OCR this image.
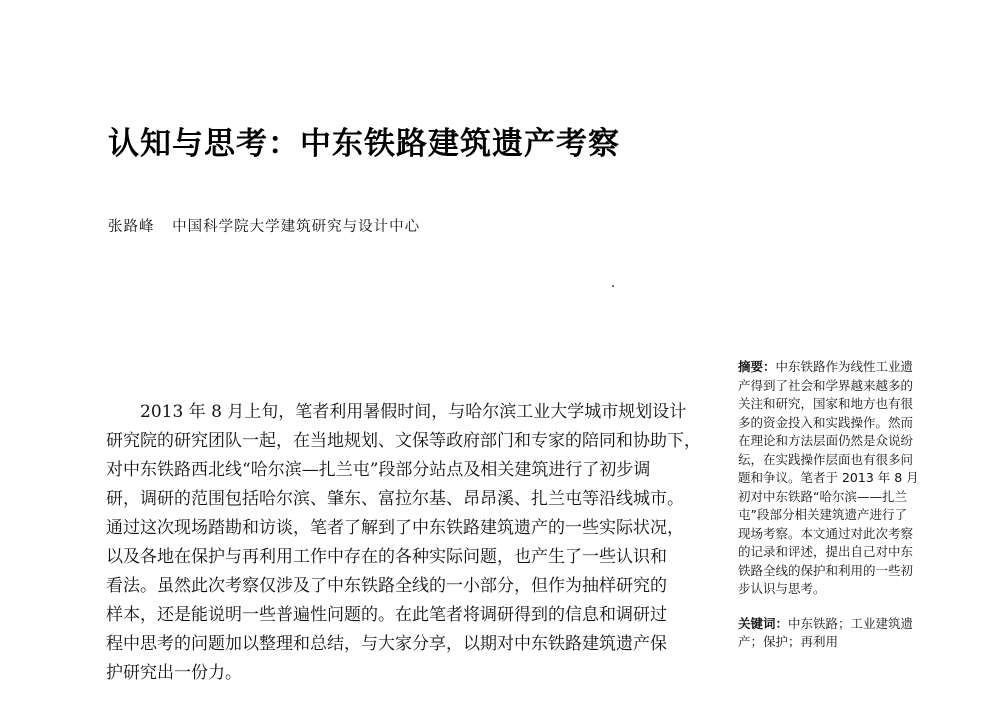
认知与思考：中东铁路建筑遗产考察
张路峰 中国科学院大学建筑研究与设计中心
　　2013 年 8 月上旬，笔者利用暑假时间，与哈尔滨工业大学城市规划设计
研究院的研究团队一起，在当地规划、文保等政府部门和专家的陪同和协助下，
对中东铁路西北线“哈尔滨—扎兰屯”段部分站点及相关建筑进行了初步调
研，调研的范围包括哈尔滨、肇东、富拉尔基、昂昂溪、扎兰屯等沿线城市。
通过这次现场踏勘和访谈，笔者了解到了中东铁路建筑遗产的一些实际状况，
以及各地在保护与再利用工作中存在的各种实际问题，也产生了一些认识和
看法。虽然此次考察仅涉及了中东铁路全线的一小部分，但作为抽样研究的
样本，还是能说明一些普遍性问题的。在此笔者将调研得到的信息和调研过
程中思考的问题加以整理和总结，与大家分享，以期对中东铁路建筑遗产保
护研究出一份力。
摘要：中东铁路作为线性工业遗
产得到了社会和学界越来越多的
关注和研究，国家和地方也有很
多的资金投入和实践操作。然而
在理论和方法层面仍然是众说纷
纭，在实践操作层面也有很多问
题和争议。笔者于 2013 年 8 月
初对中东铁路“哈尔滨——扎兰
屯”段部分相关建筑遗产进行了
现场考察。本文通过对此次考察
的记录和评述，提出自己对中东
铁路全线的保护和利用的一些初
步认识与思考。
关键词：中东铁路；工业建筑遗
产；保护；再利用
